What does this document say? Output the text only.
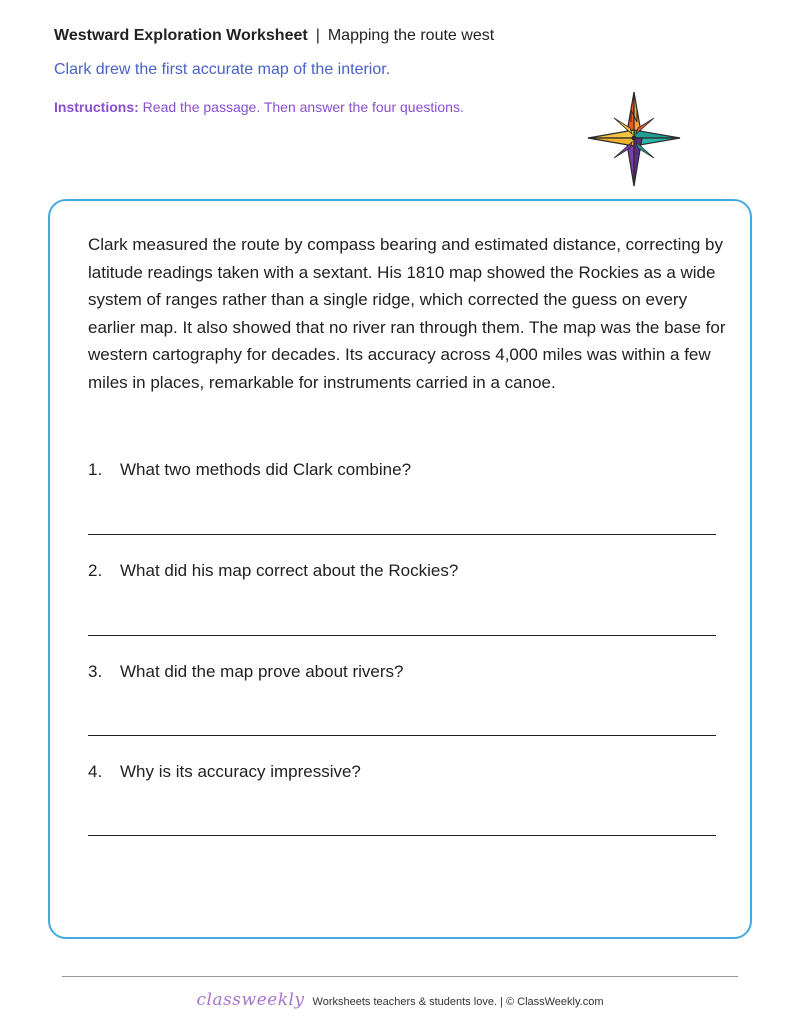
Westward Exploration Worksheet | Mapping the route west
Clark drew the first accurate map of the interior.
Instructions: Read the passage. Then answer the four questions.

Clark measured the route by compass bearing and estimated distance, correcting by latitude readings taken with a sextant. His 1810 map showed the Rockies as a wide system of ranges rather than a single ridge, which corrected the guess on every earlier map. It also showed that no river ran through them. The map was the base for western cartography for decades. Its accuracy across 4,000 miles was within a few miles in places, remarkable for instruments carried in a canoe.

1. What two methods did Clark combine?
2. What did his map correct about the Rockies?
3. What did the map prove about rivers?
4. Why is its accuracy impressive?
classweekly Worksheets teachers & students love. | © ClassWeekly.com
